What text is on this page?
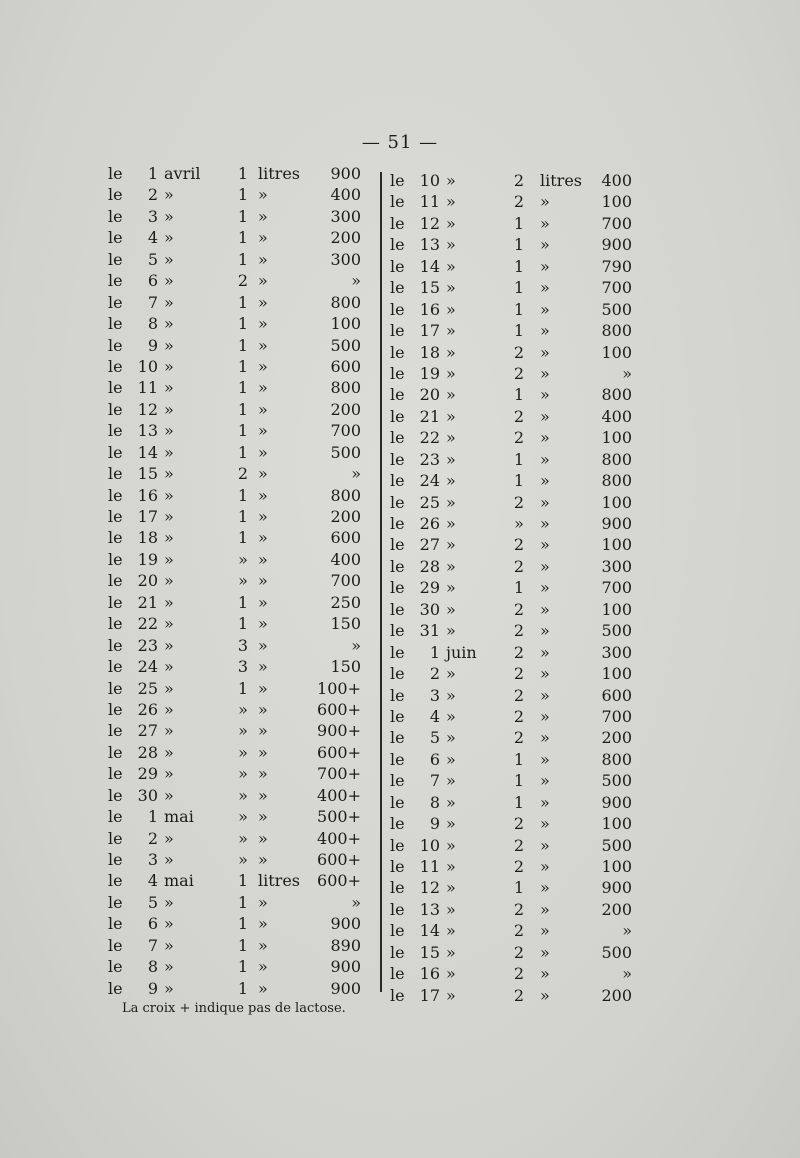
— 51 —
le	1 avril 1 litres	900
le	2 »	1 »	400
le	3 »	1 »	300
le	4 »	1 »	200
le	5 »	1 »	300
le	6 »	2 »	»
le	7 »	1 »	800
le	8 »	1 »	100
le	9 »	1 »	500
le 10 »	1 »	600
le 11 »	1 »	800
le 12 »	1 »	200
le 13 »	1 »	700
le 14 »	1 »	500
le 15 »	2 »	»
le 16 »	1 »	800
le 17 »	1 »	200
le 18 »	1 »	600
le 19 »	» »	400
le 20 »	» »	700
le 21 »	1 »	250
le 22 »	1 »	150
le 23 »	3 »	»
le 24 »	3 »	150
le 25 »	1 »	100+
le 26 »	» »	600+
le 27 »	» »	900+
le 28 »	» »	600+
le 29 »	» »	700+
le 30 »	» »	400+
le	1 mai	» »	500+
le	2 »	» »	400+
le	3 »	» »	600+
le	4 mai	1 litres 600+
le	5 »	1 »	»
le	6 »	1 »	900
le	7 »	1 »	890
le	8 »	1 »	900
le	9 »	1 »	900
le 10 »	2 litres	400
le 11 »	2 »	100
le 12 »	1 »	700
le 13 »	1 »	900
le 14 »	1 »	790
le 15 »	1 »	700
le 16 »	1 »	500
le 17 »	1 »	800
le 18 »	2 »	100
le 19 »	2 »	»
le 20 »	1 »	800
le 21 »	2 »	400
le 22 »	2 »	100
le 23 »	1 »	800
le 24 »	1 »	800
le 25 »	2 »	100
le 26 »	» »	900
le 27 »	2 »	100
le 28 »	2 »	300
le 29 »	1 »	700
le 30 »	2 »	100
le 31 »	2 »	500
le	1 juin 2 »	300
le	2 »	2 »	100
le	3 »	2 »	600
le	4 »	2 »	700
le	5 »	2 »	200
le	6 »	1 »	800
le	7 »	1 »	500
le	8 »	1 »	900
le	9 »	2 »	100
le 10 »	2 »	500
le 11 »	2 »	100
le 12 »	1 »	900
le 13 »	2 »	200
le 14 »	2 »	»
le 15 »	2 »	500
le 16 »	2 »	»
le 17 »	2 »	200
La croix + indique pas de lactose.
